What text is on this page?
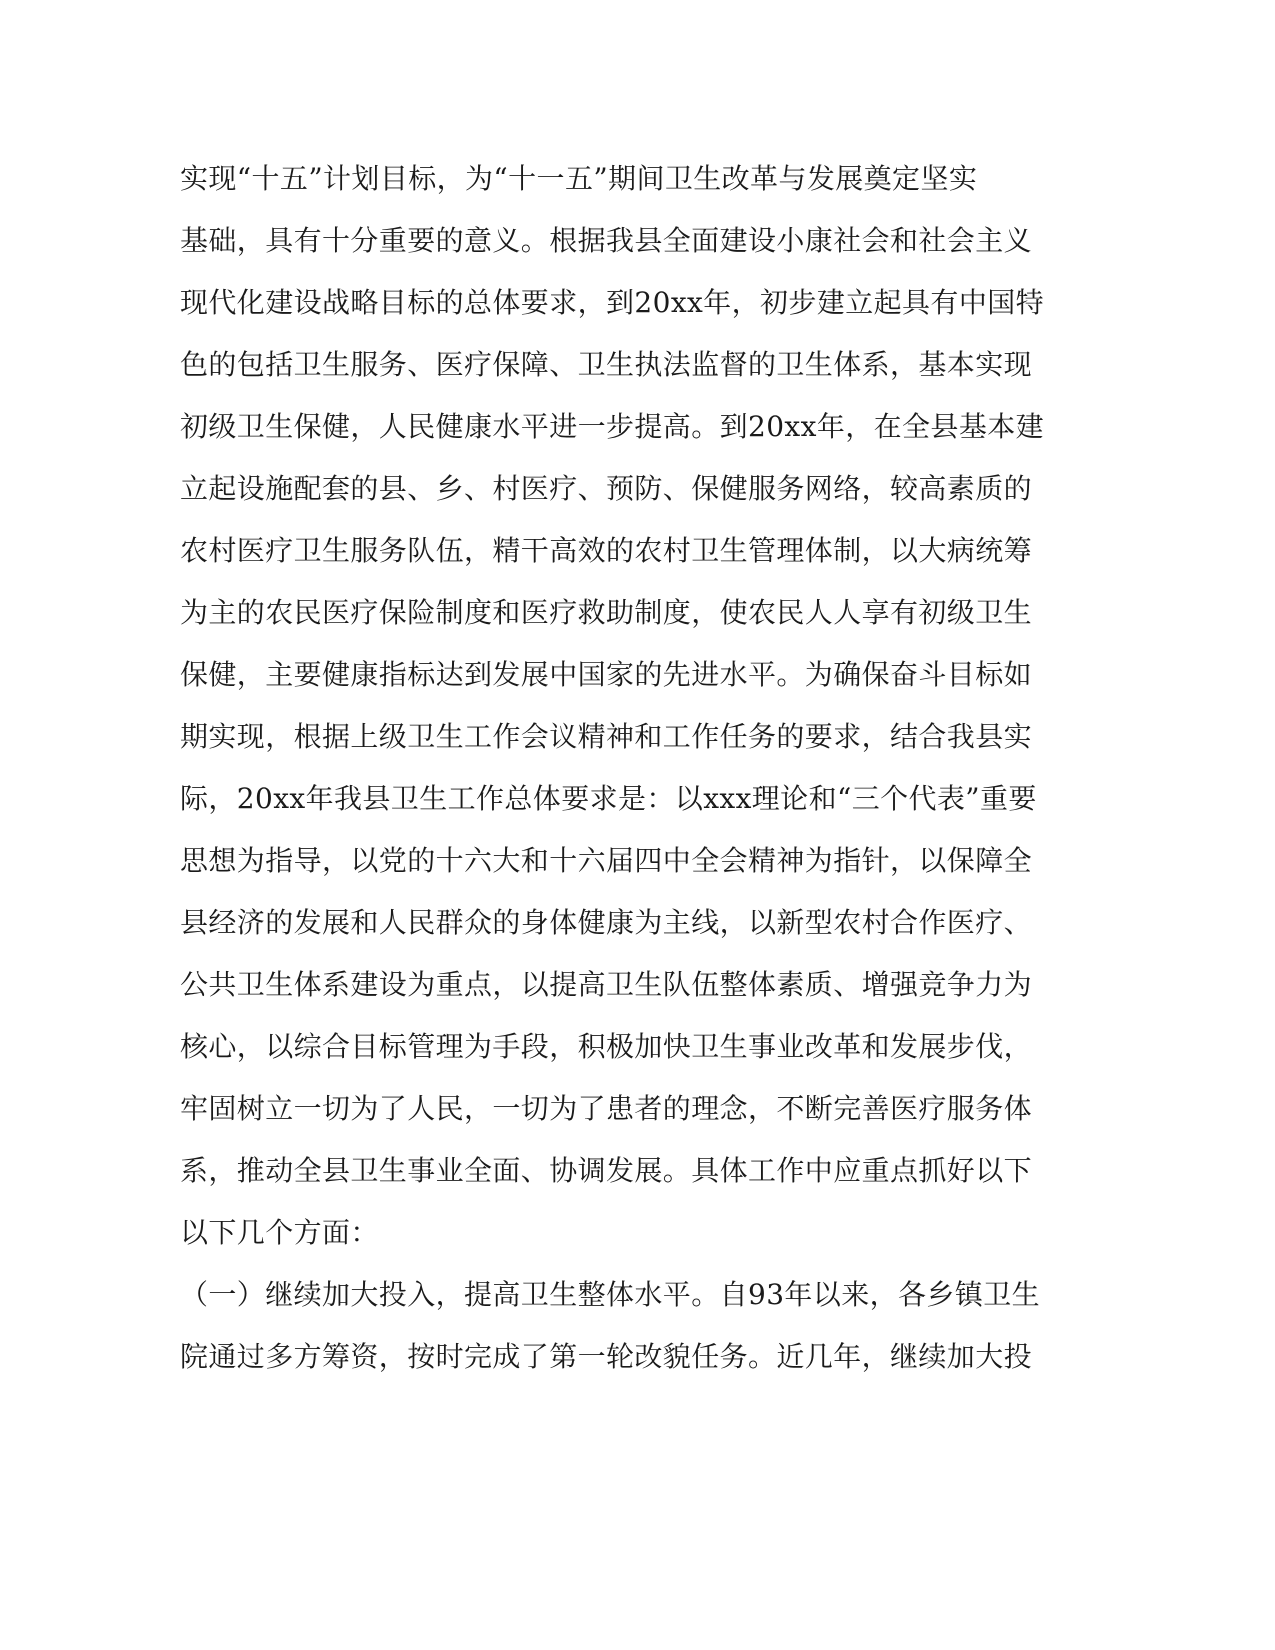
实现“十五”计划目标，为“十一五”期间卫生改革与发展奠定坚实
基础，具有十分重要的意义。根据我县全面建设小康社会和社会主义
现代化建设战略目标的总体要求，到20xx年，初步建立起具有中国特
色的包括卫生服务、医疗保障、卫生执法监督的卫生体系，基本实现
初级卫生保健，人民健康水平进一步提高。到20xx年，在全县基本建
立起设施配套的县、乡、村医疗、预防、保健服务网络，较高素质的
农村医疗卫生服务队伍，精干高效的农村卫生管理体制，以大病统筹
为主的农民医疗保险制度和医疗救助制度，使农民人人享有初级卫生
保健，主要健康指标达到发展中国家的先进水平。为确保奋斗目标如
期实现，根据上级卫生工作会议精神和工作任务的要求，结合我县实
际，20xx年我县卫生工作总体要求是：以xxx理论和“三个代表”重要
思想为指导，以党的十六大和十六届四中全会精神为指针，以保障全
县经济的发展和人民群众的身体健康为主线，以新型农村合作医疗、
公共卫生体系建设为重点，以提高卫生队伍整体素质、增强竞争力为
核心，以综合目标管理为手段，积极加快卫生事业改革和发展步伐，
牢固树立一切为了人民，一切为了患者的理念，不断完善医疗服务体
系，推动全县卫生事业全面、协调发展。具体工作中应重点抓好以下
以下几个方面：
（一）继续加大投入，提高卫生整体水平。自93年以来，各乡镇卫生
院通过多方筹资，按时完成了第一轮改貌任务。近几年，继续加大投
